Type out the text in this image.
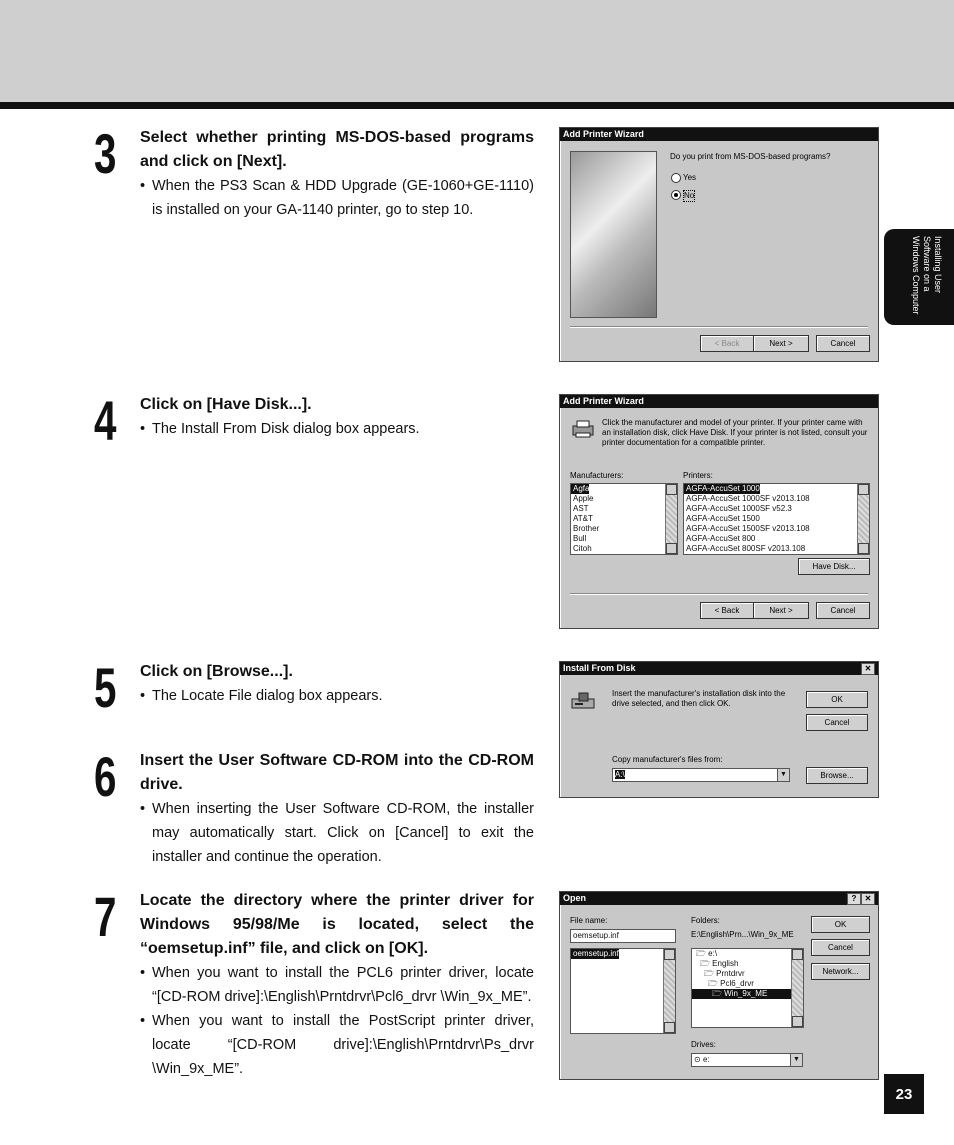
Installing User Software on a Windows Computer
23
3 Select whether printing MS-DOS-based programs and click on [Next].
• When the PS3 Scan & HDD Upgrade (GE-1060+GE-1110) is installed on your GA-1140 printer, go to step 10.
4 Click on [Have Disk...].
• The Install From Disk dialog box appears.
5 Click on [Browse...].
• The Locate File dialog box appears.
6 Insert the User Software CD-ROM into the CD-ROM drive.
• When inserting the User Software CD-ROM, the installer may automatically start. Click on [Cancel] to exit the installer and continue the operation.
7 Locate the directory where the printer driver for Windows 95/98/Me is located, select the “oemsetup.inf” file, and click on [OK].
• When you want to install the PCL6 printer driver, locate “[CD-ROM drive]:\English\Prntdrvr\Pcl6_drvr \Win_9x_ME”.
• When you want to install the PostScript printer driver, locate “[CD-ROM drive]:\English\Prntdrvr\Ps_drvr \Win_9x_ME”.
Add Printer Wizard
Do you print from MS-DOS-based programs?
Yes
No
< Back	Next >	Cancel
Add Printer Wizard
Click the manufacturer and model of your printer. If your printer came with an installation disk, click Have Disk. If your printer is not listed, consult your printer documentation for a compatible printer.
Manufacturers:	Printers:
Agfa
Apple
AST
AT&T
Brother
Bull
Citoh
AGFA-AccuSet 1000
AGFA-AccuSet 1000SF v2013.108
AGFA-AccuSet 1000SF v52.3
AGFA-AccuSet 1500
AGFA-AccuSet 1500SF v2013.108
AGFA-AccuSet 800
AGFA-AccuSet 800SF v2013.108
Have Disk...
< Back	Next >	Cancel
Install From Disk	✕
Insert the manufacturer's installation disk into the drive selected, and then click OK.	OK
Cancel
Copy manufacturer's files from:
A:\	▼	Browse...
Open	?	✕
File name:
oemsetup.inf
oemsetup.inf
Folders:
E:\English\Prn...\Win_9x_ME
🗁 e:\
🗁 English
🗁 Prntdrvr
🗁 Pcl6_drvr
🗁 Win_9x_ME
Drives:
⊙ e:	▼
OK
Cancel
Network...
